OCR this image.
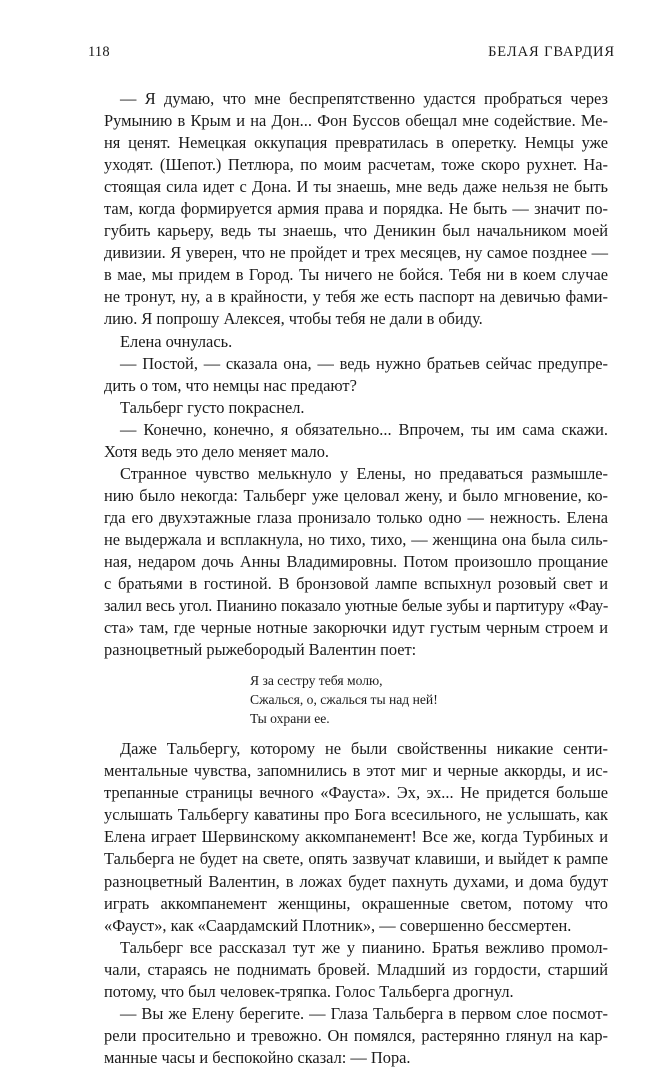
118	БЕЛАЯ ГВАРДИЯ

— Я думаю, что мне беспрепятственно удастся пробраться через
Румынию в Крым и на Дон... Фон Буссов обещал мне содействие. Ме-
ня ценят. Немецкая оккупация превратилась в оперетку. Немцы уже
уходят. (Шепот.) Петлюра, по моим расчетам, тоже скоро рухнет. На-
стоящая сила идет с Дона. И ты знаешь, мне ведь даже нельзя не быть
там, когда формируется армия права и порядка. Не быть — значит по-
губить карьеру, ведь ты знаешь, что Деникин был начальником моей
дивизии. Я уверен, что не пройдет и трех месяцев, ну самое позднее —
в мае, мы придем в Город. Ты ничего не бойся. Тебя ни в коем случае
не тронут, ну, а в крайности, у тебя же есть паспорт на девичью фами-
лию. Я попрошу Алексея, чтобы тебя не дали в обиду.

Елена очнулась.

— Постой, — сказала она, — ведь нужно братьев сейчас предупре-
дить о том, что немцы нас предают?

Тальберг густо покраснел.

— Конечно, конечно, я обязательно... Впрочем, ты им сама скажи.
Хотя ведь это дело меняет мало.

Странное чувство мелькнуло у Елены, но предаваться размышле-
нию было некогда: Тальберг уже целовал жену, и было мгновение, ко-
гда его двухэтажные глаза пронизало только одно — нежность. Елена
не выдержала и всплакнула, но тихо, тихо, — женщина она была силь-
ная, недаром дочь Анны Владимировны. Потом произошло прощание
с братьями в гостиной. В бронзовой лампе вспыхнул розовый свет и
залил весь угол. Пианино показало уютные белые зубы и партитуру «Фау-
ста» там, где черные нотные закорючки идут густым черным строем и
разноцветный рыжебородый Валентин поет:

Я за сестру тебя молю,
Сжалься, о, сжалься ты над ней!
Ты охрани ее.

Даже Тальбергу, которому не были свойственны никакие сенти-
ментальные чувства, запомнились в этот миг и черные аккорды, и ис-
трепанные страницы вечного «Фауста». Эх, эх... Не придется больше
услышать Тальбергу каватины про Бога всесильного, не услышать, как
Елена играет Шервинскому аккомпанемент! Все же, когда Турбиных и
Тальберга не будет на свете, опять зазвучат клавиши, и выйдет к рампе
разноцветный Валентин, в ложах будет пахнуть духами, и дома будут
играть аккомпанемент женщины, окрашенные светом, потому что
«Фауст», как «Саардамский Плотник», — совершенно бессмертен.

Тальберг все рассказал тут же у пианино. Братья вежливо промол-
чали, стараясь не поднимать бровей. Младший из гордости, старший
потому, что был человек-тряпка. Голос Тальберга дрогнул.

— Вы же Елену берегите. — Глаза Тальберга в первом слое посмот-
рели просительно и тревожно. Он помялся, растерянно глянул на кар-
манные часы и беспокойно сказал: — Пора.
